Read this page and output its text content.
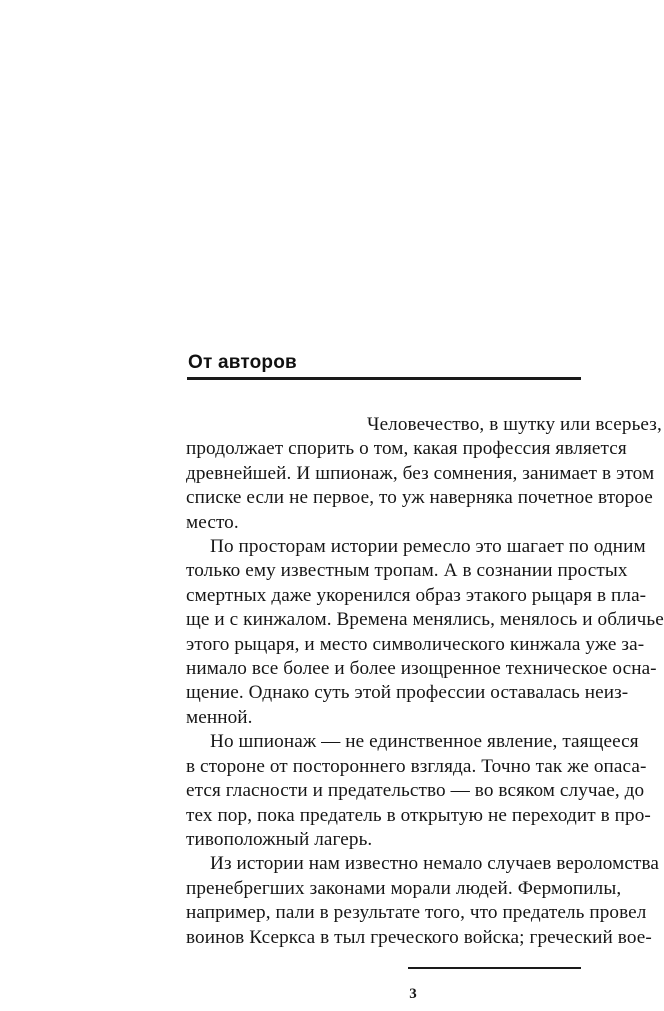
От авторов
Человечество, в шутку или всерьез,
продолжает спорить о том, какая профессия является
древнейшей. И шпионаж, без сомнения, занимает в этом
списке если не первое, то уж наверняка почетное второе
место.
По просторам истории ремесло это шагает по одним
только ему известным тропам. А в сознании простых
смертных даже укоренился образ этакого рыцаря в пла-
ще и с кинжалом. Времена менялись, менялось и обличье
этого рыцаря, и место символического кинжала уже за-
нимало все более и более изощренное техническое осна-
щение. Однако суть этой профессии оставалась неиз-
менной.
Но шпионаж — не единственное явление, таящееся
в стороне от постороннего взгляда. Точно так же опаса-
ется гласности и предательство — во всяком случае, до
тех пор, пока предатель в открытую не переходит в про-
тивоположный лагерь.
Из истории нам известно немало случаев вероломства
пренебрегших законами морали людей. Фермопилы,
например, пали в результате того, что предатель провел
воинов Ксеркса в тыл греческого войска; греческий вое-
3
